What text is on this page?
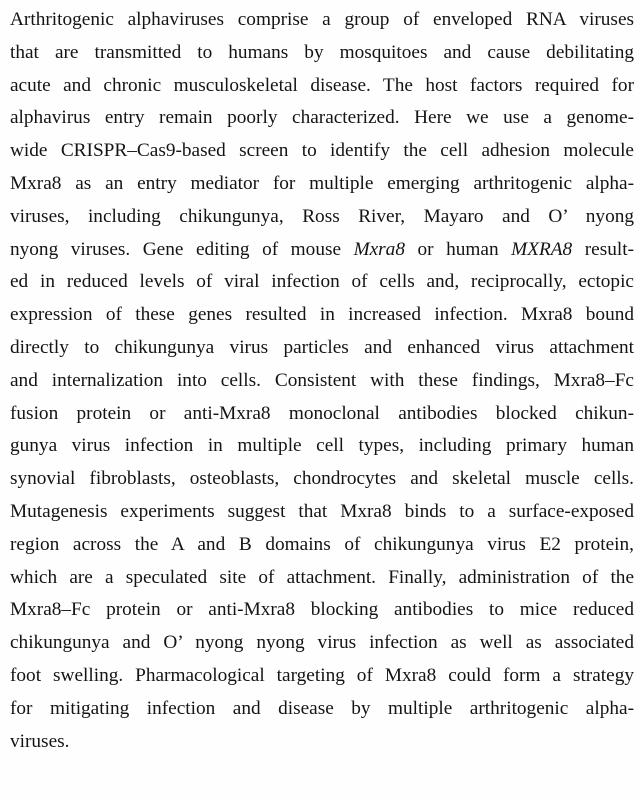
Arthritogenic alphaviruses comprise a group of enveloped RNA viruses
that are transmitted to humans by mosquitoes and cause debilitating
acute and chronic musculoskeletal disease. The host factors required for
alphavirus entry remain poorly characterized. Here we use a genome-
wide CRISPR–Cas9-based screen to identify the cell adhesion molecule
Mxra8 as an entry mediator for multiple emerging arthritogenic alpha-
viruses, including chikungunya, Ross River, Mayaro and O’ nyong
nyong viruses. Gene editing of mouse Mxra8 or human MXRA8 result-
ed in reduced levels of viral infection of cells and, reciprocally, ectopic
expression of these genes resulted in increased infection. Mxra8 bound
directly to chikungunya virus particles and enhanced virus attachment
and internalization into cells. Consistent with these findings, Mxra8–Fc
fusion protein or anti-Mxra8 monoclonal antibodies blocked chikun-
gunya virus infection in multiple cell types, including primary human
synovial fibroblasts, osteoblasts, chondrocytes and skeletal muscle cells.
Mutagenesis experiments suggest that Mxra8 binds to a surface-exposed
region across the A and B domains of chikungunya virus E2 protein,
which are a speculated site of attachment. Finally, administration of the
Mxra8–Fc protein or anti-Mxra8 blocking antibodies to mice reduced
chikungunya and O’ nyong nyong virus infection as well as associated
foot swelling. Pharmacological targeting of Mxra8 could form a strategy
for mitigating infection and disease by multiple arthritogenic alpha-
viruses.
